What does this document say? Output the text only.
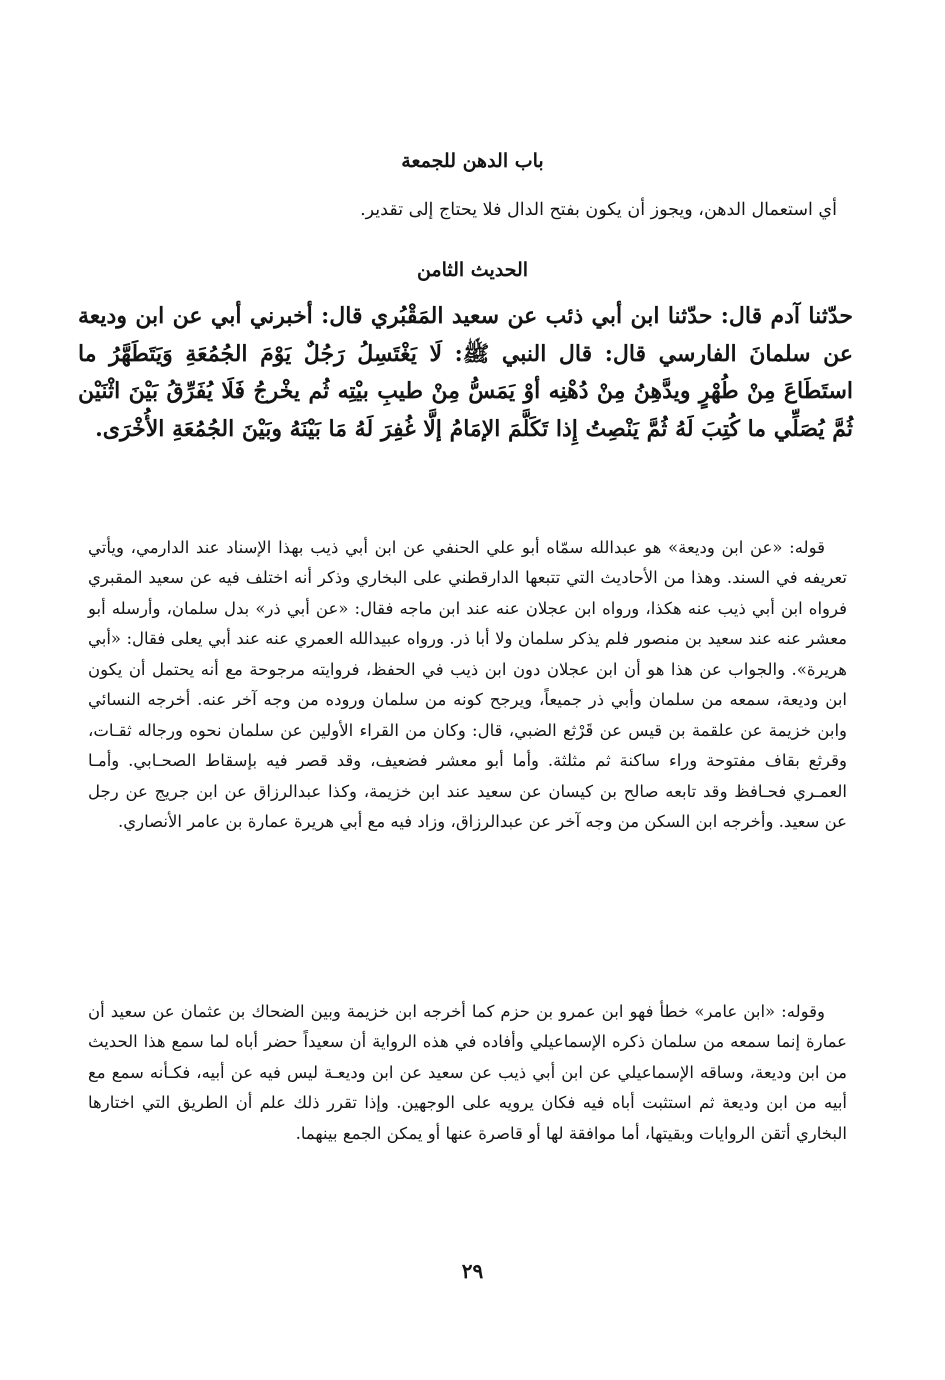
باب الدهن للجمعة
أي استعمال الدهن، ويجوز أن يكون بفتح الدال فلا يحتاج إلى تقدير.
الحديث الثامن
حدّثنا آدم قال: حدّثنا ابن أبي ذئب عن سعيد المَقْبُري قال: أخبرني أبي عن ابن وديعة عن سلمانَ الفارسي قال: قال النبي ﷺ: لَا يَغْتَسِلُ رَجُلٌ يَوْمَ الجُمُعَةِ وَيَتَطَهَّرُ ما استَطَاعَ مِنْ طُهْرٍ ويدَّهِنُ مِنْ دُهْنِه أوْ يَمَسُّ مِنْ طيبِ بيْتِه ثُم يخْرجُ فَلَا يُفَرِّقُ بَيْنَ اثْنَيْن ثُمَّ يُصَلِّي ما كُتِبَ لَهُ ثُمَّ يَنْصِتُ إِذا تَكَلَّمَ الإمَامُ إلَّا غُفِرَ لَهُ مَا بَيْنَهُ وبَيْنَ الجُمُعَةِ الأُخْرَى.

قوله: «عن ابن وديعة» هو عبدالله سمّاه أبو علي الحنفي عن ابن أبي ذيب بهذا الإسناد عند الدارمي، ويأتي تعريفه في السند. وهذا من الأحاديث التي تتبعها الدارقطني على البخاري وذكر أنه اختلف فيه عن سعيد المقبري فرواه ابن أبي ذيب عنه هكذا، ورواه ابن عجلان عنه عند ابن ماجه فقال: «عن أبي ذر» بدل سلمان، وأرسله أبو معشر عنه عند سعيد بن منصور فلم يذكر سلمان ولا أبا ذر. ورواه عبيدالله العمري عنه عند أبي يعلى فقال: «أبي هريرة». والجواب عن هذا هو أن ابن عجلان دون ابن ذيب في الحفظ، فروايته مرجوحة مع أنه يحتمل أن يكون ابن وديعة، سمعه من سلمان وأبي ذر جميعاً، ويرجح كونه من سلمان وروده من وجه آخر عنه. أخرجه النسائي وابن خزيمة عن علقمة بن قيس عن قَرْثع الضبي، قال: وكان من القراء الأولين عن سلمان نحوه ورجاله ثقـات، وقرثع بقاف مفتوحة وراء ساكنة ثم مثلثة. وأما أبو معشر فضعيف، وقد قصر فيه بإسقاط الصحـابي. وأمـا العمـري فحـافظ وقد تابعه صالح بن كيسان عن سعيد عند ابن خزيمة، وكذا عبدالرزاق عن ابن جريج عن رجل عن سعيد. وأخرجه ابن السكن من وجه آخر عن عبدالرزاق، وزاد فيه مع أبي هريرة عمارة بن عامر الأنصاري.

وقوله: «ابن عامر» خطأ فهو ابن عمرو بن حزم كما أخرجه ابن خزيمة وبين الضحاك بن عثمان عن سعيد أن عمارة إنما سمعه من سلمان ذكره الإسماعيلي وأفاده في هذه الرواية أن سعيداً حضر أباه لما سمع هذا الحديث من ابن وديعة، وساقه الإسماعيلي عن ابن أبي ذيب عن سعيد عن ابن وديعـة ليس فيه عن أبيه، فكـأنه سمع مع أبيه من ابن وديعة ثم استثبت أباه فيه فكان يرويه على الوجهين. وإذا تقرر ذلك علم أن الطريق التي اختارها البخاري أتقن الروايات وبقيتها، أما موافقة لها أو قاصرة عنها أو يمكن الجمع بينهما.

٢٩
